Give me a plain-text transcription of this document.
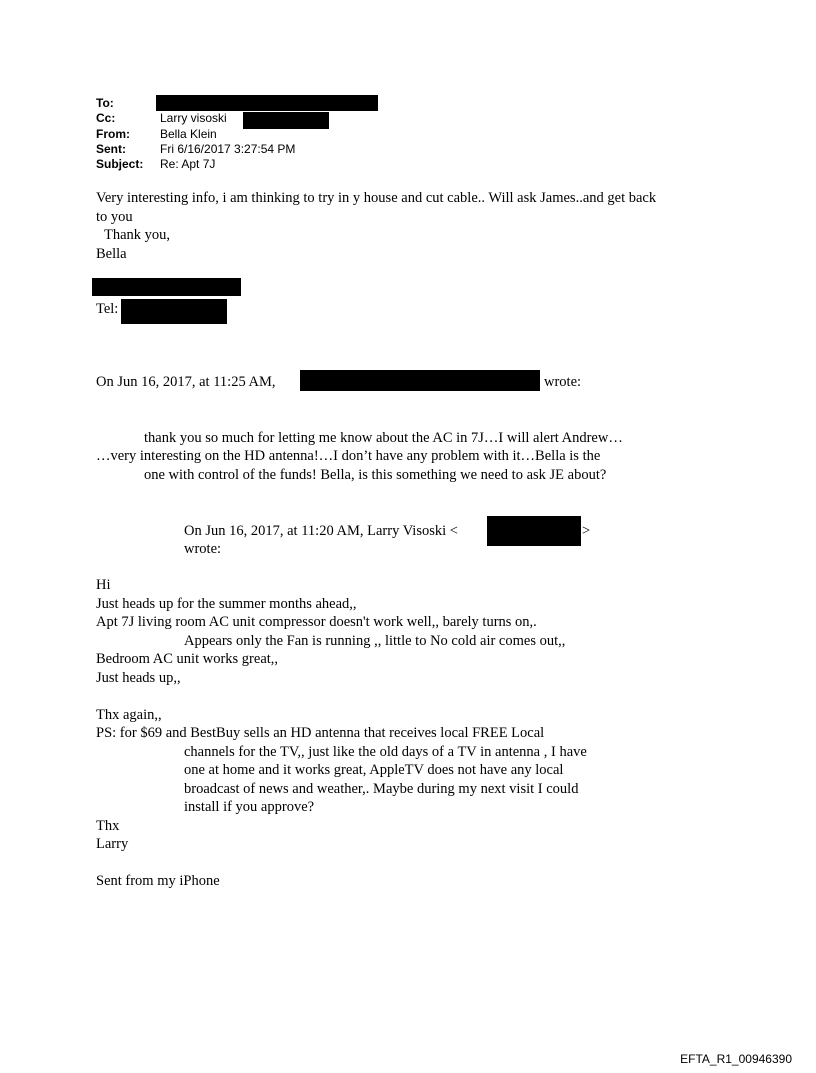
To:
Cc:	Larry visoski
From:	Bella Klein
Sent:	Fri 6/16/2017 3:27:54 PM
Subject: Re: Apt 7J
Very interesting info, i am thinking to try in y house and cut cable.. Will ask James..and get back
to you
Thank you,
Bella
Tel:
On Jun 16, 2017, at 11:25 AM,	wrote:
thank you so much for letting me know about the AC in 7J…I will alert Andrew…
…very interesting on the HD antenna!…I don’t have any problem with it…Bella is the
one with control of the funds! Bella, is this something we need to ask JE about?
On Jun 16, 2017, at 11:20 AM, Larry Visoski <	>
wrote:
Hi
Just heads up for the summer months ahead,,
Apt 7J living room AC unit compressor doesn't work well,, barely turns on,.
Appears only the Fan is running ,, little to No cold air comes out,,
Bedroom AC unit works great,,
Just heads up,,
Thx again,,
PS: for $69 and BestBuy sells an HD antenna that receives local FREE Local
channels for the TV,, just like the old days of a TV in antenna , I have
one at home and it works great, AppleTV does not have any local
broadcast of news and weather,. Maybe during my next visit I could
install if you approve?
Thx
Larry
Sent from my iPhone
EFTA_R1_00946390
